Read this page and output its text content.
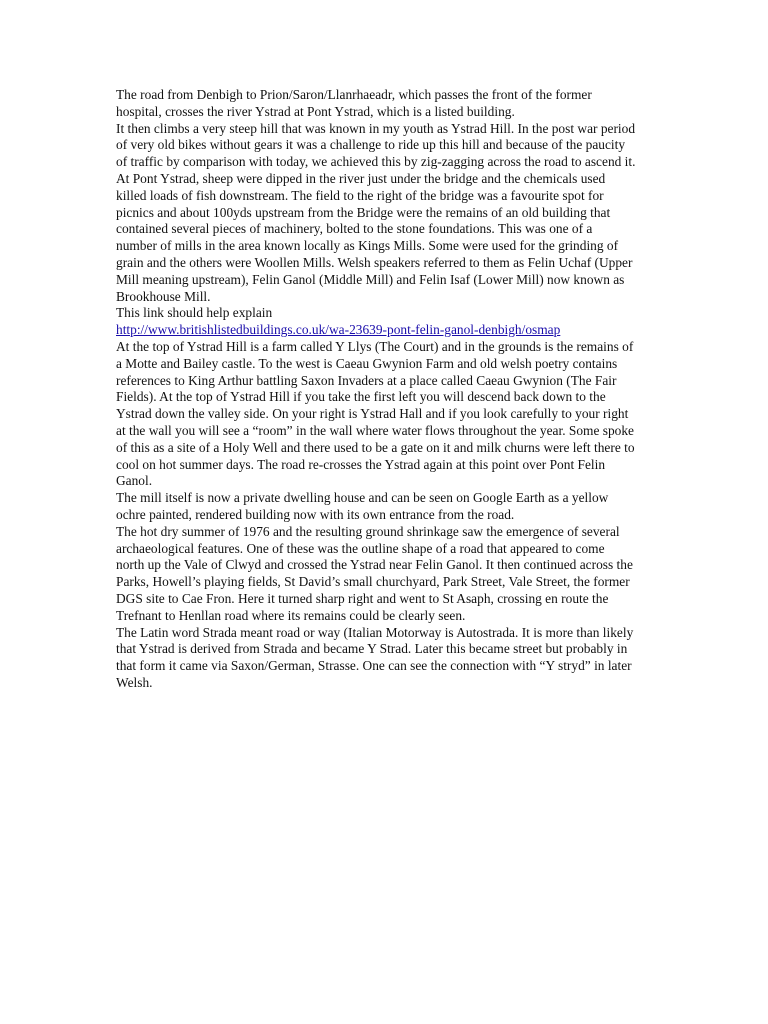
The road from Denbigh to Prion/Saron/Llanrhaeadr, which passes the front of the former hospital, crosses the river Ystrad at Pont Ystrad, which is a listed building.

It then climbs a very steep hill that was known in my youth as Ystrad Hill. In the post war period of very old bikes without gears it was a challenge to ride up this hill and because of the paucity of traffic by comparison with today, we achieved this by zig-zagging across the road to ascend it. At Pont Ystrad, sheep were dipped in the river just under the bridge and the chemicals used killed loads of fish downstream. The field to the right of the bridge was a favourite spot for picnics and about 100yds upstream from the Bridge were the remains of an old building that contained several pieces of machinery, bolted to the stone foundations. This was one of a number of mills in the area known locally as Kings Mills. Some were used for the grinding of grain and the others were Woollen Mills. Welsh speakers referred to them as Felin Uchaf (Upper Mill meaning upstream), Felin Ganol (Middle Mill) and Felin Isaf (Lower Mill) now known as Brookhouse Mill.

This link should help explain

http://www.britishlistedbuildings.co.uk/wa-23639-pont-felin-ganol-denbigh/osmap

At the top of Ystrad Hill is a farm called Y Llys (The Court) and in the grounds is the remains of a Motte and Bailey castle. To the west is Caeau Gwynion Farm and old welsh poetry contains references to King Arthur battling Saxon Invaders at a place called Caeau Gwynion (The Fair Fields). At the top of Ystrad Hill if you take the first left you will descend back down to the Ystrad down the valley side. On your right is Ystrad Hall and if you look carefully to your right at the wall you will see a “room” in the wall where water flows throughout the year. Some spoke of this as a site of a Holy Well and there used to be a gate on it and milk churns were left there to cool on hot summer days. The road re-crosses the Ystrad again at this point over Pont Felin Ganol.

The mill itself is now a private dwelling house and can be seen on Google Earth as a yellow ochre painted, rendered building now with its own entrance from the road.

The hot dry summer of 1976 and the resulting ground shrinkage saw the emergence of several archaeological features. One of these was the outline shape of a road that appeared to come north up the Vale of Clwyd and crossed the Ystrad near Felin Ganol. It then continued across the Parks, Howell’s playing fields, St David’s small churchyard, Park Street, Vale Street, the former DGS site to Cae Fron. Here it turned sharp right and went to St Asaph, crossing en route the Trefnant to Henllan road where its remains could be clearly seen.

The Latin word Strada meant road or way (Italian Motorway is Autostrada. It is more than likely that Ystrad is derived from Strada and became Y Strad. Later this became street but probably in that form it came via Saxon/German, Strasse. One can see the connection with “Y stryd” in later Welsh.
